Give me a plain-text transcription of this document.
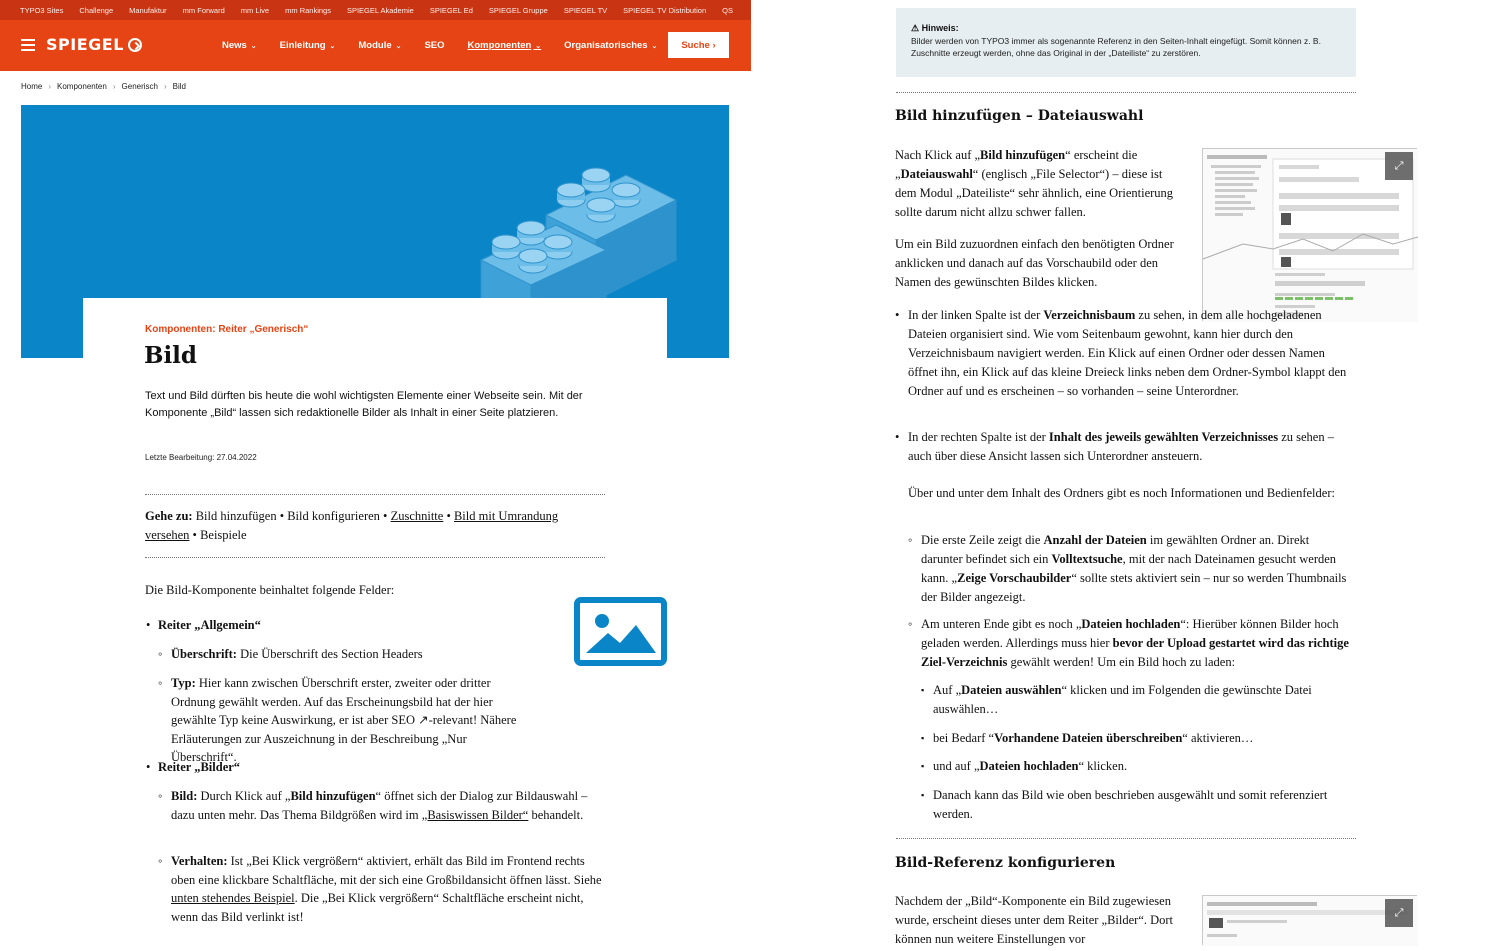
TYPO3 Sites Challenge Manufaktur mm Forward mm Live mm Rankings SPIEGEL Akademie SPIEGEL Ed SPIEGEL Gruppe SPIEGEL TV SPIEGEL TV Distribution QS
SPIEGEL	News ⌄ Einleitung ⌄ Module ⌄ SEO Komponenten ⌄ Organisatorisches ⌄	Suche
›
Home › Komponenten › Generisch › Bild
Komponenten: Reiter „Generisch“
Bild

Text und Bild dürften bis heute die wohl wichtigsten Elemente einer Webseite sein. Mit der Komponente „Bild“ lassen sich redaktionelle Bilder als Inhalt in einer Seite platzieren.

Letzte Bearbeitung: 27.04.2022
Gehe zu: Bild hinzufügen • Bild konfigurieren • Zuschnitte • Bild mit Umrandung versehen • Beispiele
Die Bild-Komponente beinhaltet folgende Felder:
• Reiter „Allgemein“
◦ Überschrift: Die Überschrift des Section Headers
◦ Typ: Hier kann zwischen Überschrift erster, zweiter oder dritter Ordnung gewählt werden. Auf das Erscheinungsbild hat der hier gewählte Typ keine Auswirkung, er ist aber SEO ↗-relevant! Nähere Erläuterungen zur Auszeichnung in der Beschreibung „Nur Überschrift“.
• Reiter „Bilder“
◦ Bild: Durch Klick auf „Bild hinzufügen“ öffnet sich der Dialog zur Bildauswahl – dazu unten mehr. Das Thema Bildgrößen wird im „Basiswissen Bilder“ behandelt.
◦ Verhalten: Ist „Bei Klick vergrößern“ aktiviert, erhält das Bild im Frontend rechts oben eine klickbare Schaltfläche, mit der sich eine Großbildansicht öffnen lässt. Siehe unten stehendes Beispiel. Die „Bei Klick vergrößern“ Schaltfläche erscheint nicht, wenn das Bild verlinkt ist!
⚠ Hinweis:
Bilder werden von TYPO3 immer als sogenannte Referenz in den Seiten-Inhalt eingefügt. Somit können z. B. Zuschnitte erzeugt werden, ohne das Original in der „Dateiliste“ zu zerstören.
Bild hinzufügen – Dateiauswahl
⤢

Nach Klick auf „Bild hinzufügen“ erscheint die „Dateiauswahl“ (englisch „File Selector“) – diese ist dem Modul „Dateiliste“ sehr ähnlich, eine Orientierung sollte darum nicht allzu schwer fallen.

Um ein Bild zuzuordnen einfach den benötigten Ordner anklicken und danach auf das Vorschaubild oder den Namen des gewünschten Bildes klicken.

• In der linken Spalte ist der Verzeichnisbaum zu sehen, in dem alle hochgeladenen Dateien organisiert sind. Wie vom Seitenbaum gewohnt, kann hier durch den Verzeichnisbaum navigiert werden. Ein Klick auf einen Ordner oder dessen Namen öffnet ihn, ein Klick auf das kleine Dreieck links neben dem Ordner-Symbol klappt den Ordner auf und es erscheinen – so vorhanden – seine Unterordner.
• In der rechten Spalte ist der Inhalt des jeweils gewählten Verzeichnisses zu sehen – auch über diese Ansicht lassen sich Unterordner ansteuern.

Über und unter dem Inhalt des Ordners gibt es noch Informationen und Bedienfelder:

◦ Die erste Zeile zeigt die Anzahl der Dateien im gewählten Ordner an. Direkt darunter befindet sich ein Volltextsuche, mit der nach Dateinamen gesucht werden kann. „Zeige Vorschaubilder“ sollte stets aktiviert sein – nur so werden Thumbnails der Bilder angezeigt.
◦ Am unteren Ende gibt es noch „Dateien hochladen“: Hierüber können Bilder hoch geladen werden. Allerdings muss hier bevor der Upload gestartet wird das richtige Ziel-Verzeichnis gewählt werden! Um ein Bild hoch zu laden:
▪ Auf „Dateien auswählen“ klicken und im Folgenden die gewünschte Datei auswählen…
▪ bei Bedarf “Vorhandene Dateien überschreiben“ aktivieren…
▪ und auf „Dateien hochladen“ klicken.
▪ Danach kann das Bild wie oben beschrieben ausgewählt und somit referenziert werden.
Bild-Referenz konfigurieren

Nachdem der „Bild“-Komponente ein Bild zugewiesen wurde, erscheint dieses unter dem Reiter „Bilder“. Dort können nun weitere Einstellungen vor

⤢
